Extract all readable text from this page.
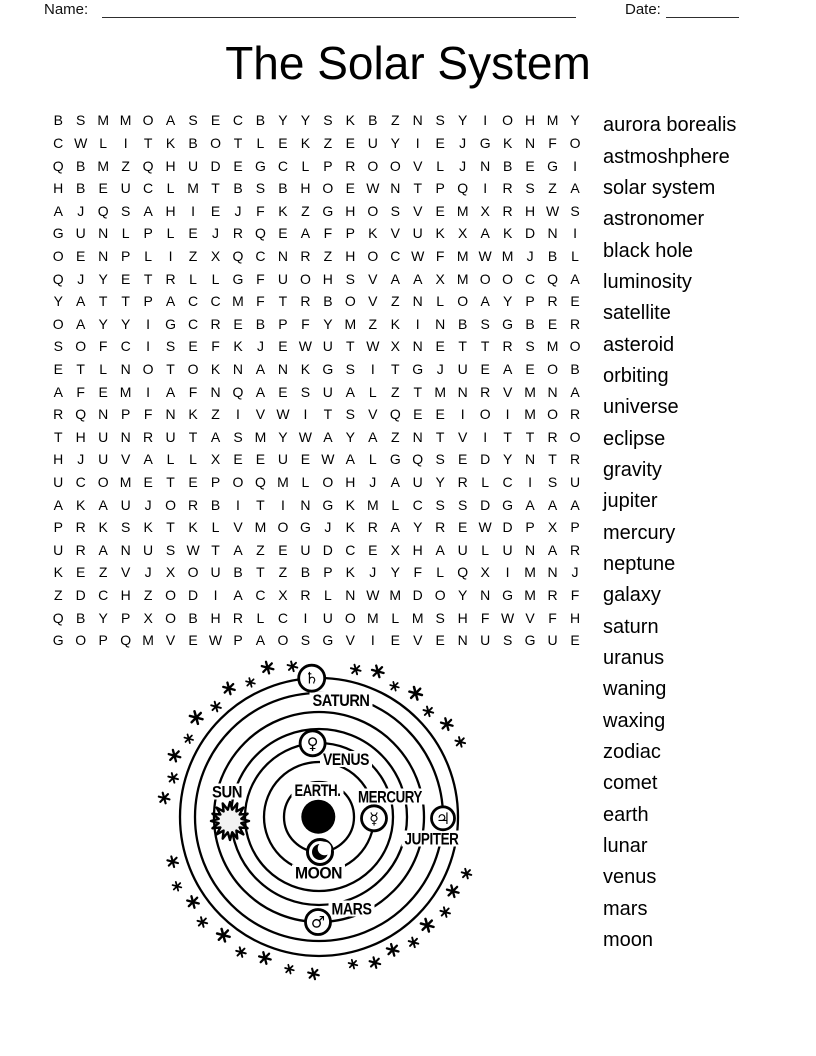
Name:	Date:
The Solar System
B S M M O A S E C B Y Y S K B Z N S Y	I	O H M Y
C W L	I	T K B O T	L E K Z E U Y	I	E	J G K N F O
Q B M Z Q H U D E G C L P R O O V L	J N B E G	I
H B E U C L M T B S B H O E W N T P Q	I	R S Z A
A	J Q S A H	I	E	J	F K Z G H O S V E M X R H W S
G U N L P L E	J R Q E A F P K V U K X A K D N	I
O E N P L	I	Z X Q C N R Z H O C W F M W M J	B L
Q J	Y E T R L	L G F U O H S V A A X M O O C Q A
Y A T T P A C C M F T R B O V Z N L O A Y P R E
O A Y Y	I	G C R E B P F Y M Z K	I	N B S G B E R
S O F C	I	S E F K	J	E W U T W X N E T T R S M O
E T	L N O T O K N A N K G S	I	T G J U E A E O B
A F E M	I	A F N Q A E S U A L	Z T M N R V M N A
R Q N P F N K Z	I	V W I	T S V Q E E	I	O	I	M O R
T H U N R U T A S M Y W A Y A Z N T V	I	T T R O
H J U V A L	L X E E U E W A L G Q S E D Y N T R
U C O M E T E P O Q M L O H J	A U Y R L C	I	S U
A K A U J O R B	I	T	I	N G K M L C S S D G A A A
P R K S K T K L V M O G J	K R A Y R E W D P X P
U R A N U S W T A Z E U D C E X H A U L U N A R
K E Z V	J	X O U B T Z B P K	J	Y F	L Q X	I	M N J
Z D C H Z O D	I	A C X R L N W M D O Y N G M R F
Q B Y P X O B H R L C	I	U O M L M S H F W V F H
G O P Q M V E W P A O S G V	I	E V E N U S G U E
aurora borealis
astmoshphere
solar system
astronomer
black hole
luminosity
satellite
asteroid
orbiting
universe
eclipse
gravity
jupiter
mercury
neptune
galaxy
saturn
uranus
waning
waxing
zodiac
comet
earth
lunar
venus
mars
moon
♄
♃
♂
♀
☿
SATURN
JUPITER
MARS
SUN
VENUS
MERCURY
EARTH.
MOON
